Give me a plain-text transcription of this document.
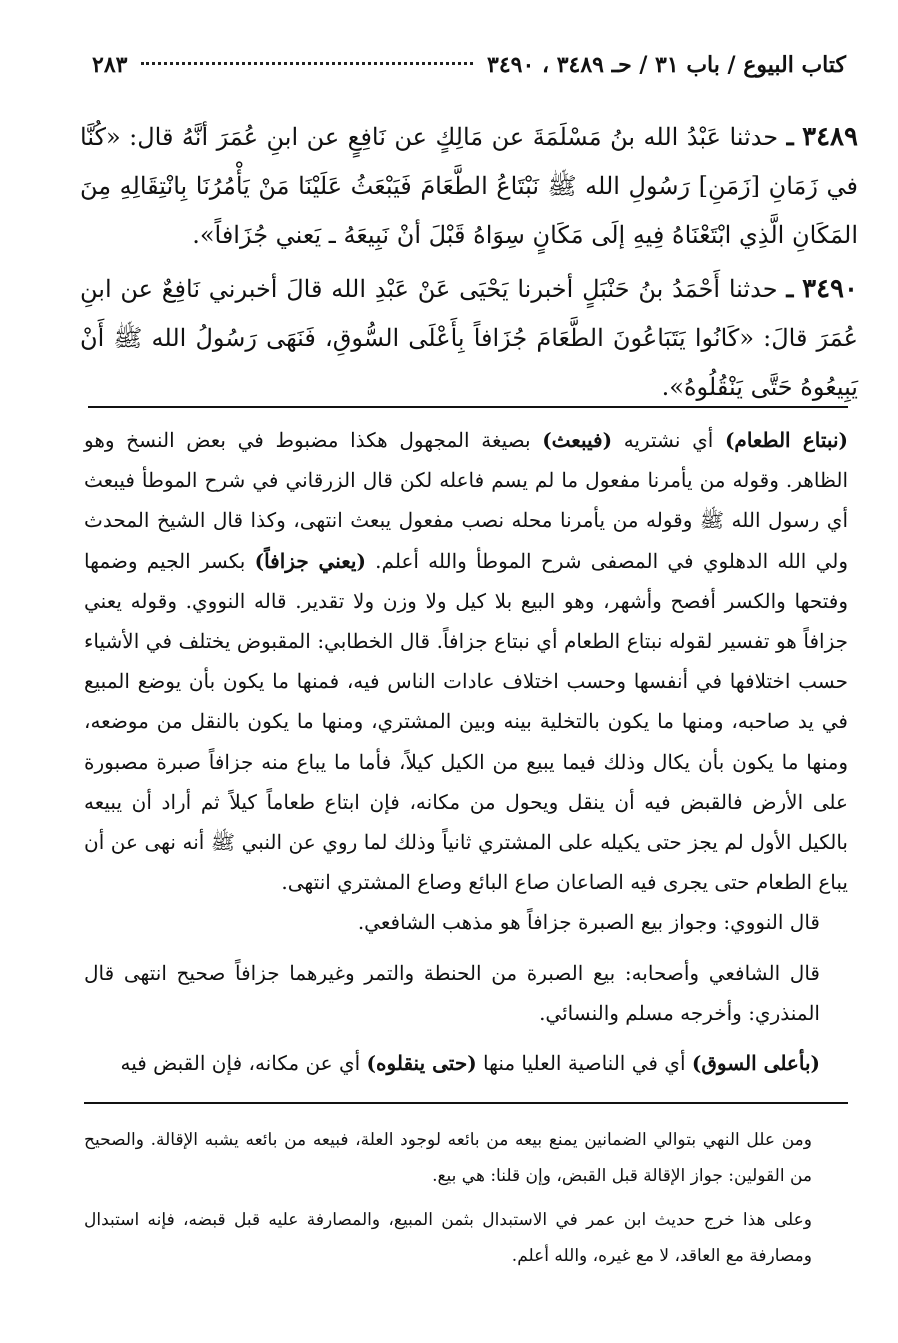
كتاب البيوع / باب ٣١ / حـ ٣٤٨٩ ، ٣٤٩٠
٢٨٣

٣٤٨٩ ـ حدثنا عَبْدُ الله بنُ مَسْلَمَةَ عن مَالِكٍ عن نَافِعٍ عن ابنِ عُمَرَ أنَّهُ قال: «كُنَّا في زَمَانِ [زَمَنِ] رَسُولِ الله ﷺ نَبْتَاعُ الطَّعَامَ فَيَبْعَثُ عَلَيْنَا مَنْ يَأْمُرُنَا بِانْتِقَالِهِ مِنَ المَكَانِ الَّذِي ابْتَعْنَاهُ فِيهِ إلَى مَكَانٍ سِوَاهُ قَبْلَ أنْ نَبِيعَهُ ـ يَعني جُزَافاً».

٣٤٩٠ ـ حدثنا أَحْمَدُ بنُ حَنْبَلٍ أخبرنا يَحْيَى عَنْ عَبْدِ الله قالَ أخبرني نَافِعٌ عن ابنِ عُمَرَ قالَ: «كَانُوا يَتَبَاعُونَ الطَّعَامَ جُزَافاً بِأَعْلَى السُّوقِ، فَنَهَى رَسُولُ الله ﷺ أَنْ يَبِيعُوهُ حَتَّى يَنْقُلُوهُ».

(نبتاع الطعام) أي نشتريه (فيبعث) بصيغة المجهول هكذا مضبوط في بعض النسخ وهو الظاهر. وقوله من يأمرنا مفعول ما لم يسم فاعله لكن قال الزرقاني في شرح الموطأ فيبعث أي رسول الله ﷺ وقوله من يأمرنا محله نصب مفعول يبعث انتهى، وكذا قال الشيخ المحدث ولي الله الدهلوي في المصفى شرح الموطأ والله أعلم. (يعني جزافاً) بكسر الجيم وضمها وفتحها والكسر أفصح وأشهر، وهو البيع بلا كيل ولا وزن ولا تقدير. قاله النووي. وقوله يعني جزافاً هو تفسير لقوله نبتاع الطعام أي نبتاع جزافاً. قال الخطابي: المقبوض يختلف في الأشياء حسب اختلافها في أنفسها وحسب اختلاف عادات الناس فيه، فمنها ما يكون بأن يوضع المبيع في يد صاحبه، ومنها ما يكون بالتخلية بينه وبين المشتري، ومنها ما يكون بالنقل من موضعه، ومنها ما يكون بأن يكال وذلك فيما يبيع من الكيل كيلاً، فأما ما يباع منه جزافاً صبرة مصبورة على الأرض فالقبض فيه أن ينقل ويحول من مكانه، فإن ابتاع طعاماً كيلاً ثم أراد أن يبيعه بالكيل الأول لم يجز حتى يكيله على المشتري ثانياً وذلك لما روي عن النبي ﷺ أنه نهى عن أن يباع الطعام حتى يجرى فيه الصاعان صاع البائع وصاع المشتري انتهى.

قال النووي: وجواز بيع الصبرة جزافاً هو مذهب الشافعي.

قال الشافعي وأصحابه: بيع الصبرة من الحنطة والتمر وغيرهما جزافاً صحيح انتهى قال المنذري: وأخرجه مسلم والنسائي.

(بأعلى السوق) أي في الناصية العليا منها (حتى ينقلوه) أي عن مكانه، فإن القبض فيه

ومن علل النهي بتوالي الضمانين يمنع بيعه من بائعه لوجود العلة، فبيعه من بائعه يشبه الإقالة. والصحيح من القولين: جواز الإقالة قبل القبض، وإن قلنا: هي بيع.

وعلى هذا خرج حديث ابن عمر في الاستبدال بثمن المبيع، والمصارفة عليه قبل قبضه، فإنه استبدال ومصارفة مع العاقد، لا مع غيره، والله أعلم.
